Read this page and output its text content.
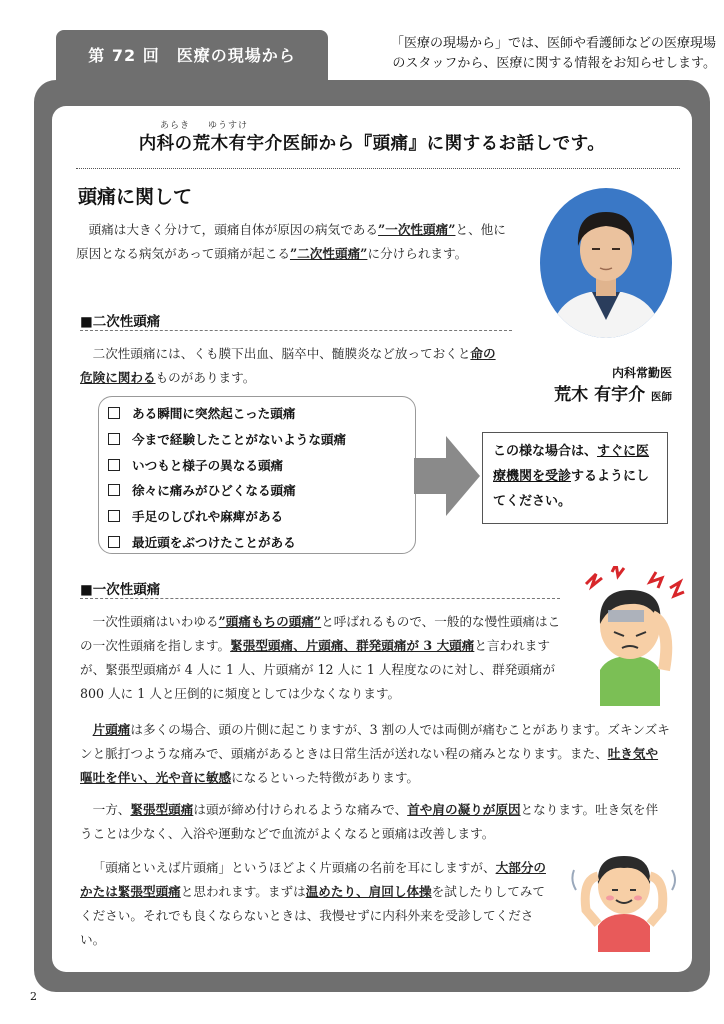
第 72 回　医療の現場から
「医療の現場から」では、医師や看護師などの医療現場
のスタッフから、医療に関する情報をお知らせします。
あらき ゆうすけ
内科の荒木有宇介医師から『頭痛』に関するお話しです。
頭痛に関して
頭痛は大きく分けて，頭痛自体が原因の病気である”一次性頭痛”と、他に原因となる病気があって頭痛が起こる”二次性頭痛”に分けられます。
内科常勤医
荒木 有宇介 医師
■二次性頭痛
二次性頭痛には、くも膜下出血、脳卒中、髄膜炎など放っておくと命の危険に関わるものがあります。
ある瞬間に突然起こった頭痛
今まで経験したことがないような頭痛
いつもと様子の異なる頭痛
徐々に痛みがひどくなる頭痛
手足のしびれや麻痺がある
最近頭をぶつけたことがある
この様な場合は、すぐに医療機関を受診するようにしてください。
■一次性頭痛
一次性頭痛はいわゆる”頭痛もちの頭痛”と呼ばれるもので、一般的な慢性頭痛はこの一次性頭痛を指します。緊張型頭痛、片頭痛、群発頭痛が 3 大頭痛と言われますが、緊張型頭痛が 4 人に 1 人、片頭痛が 12 人に 1 人程度なのに対し、群発頭痛が 800 人に 1 人と圧倒的に頻度としては少なくなります。
片頭痛は多くの場合、頭の片側に起こりますが、3 割の人では両側が痛むことがあります。ズキンズキンと脈打つような痛みで、頭痛があるときは日常生活が送れない程の痛みとなります。また、吐き気や嘔吐を伴い、光や音に敏感になるといった特徴があります。
一方、緊張型頭痛は頭が締め付けられるような痛みで、首や肩の凝りが原因となります。吐き気を伴うことは少なく、入浴や運動などで血流がよくなると頭痛は改善します。
「頭痛といえば片頭痛」というほどよく片頭痛の名前を耳にしますが、大部分のかたは緊張型頭痛と思われます。まずは温めたり、肩回し体操を試したりしてみてください。それでも良くならないときは、我慢せずに内科外来を受診してください。
2
